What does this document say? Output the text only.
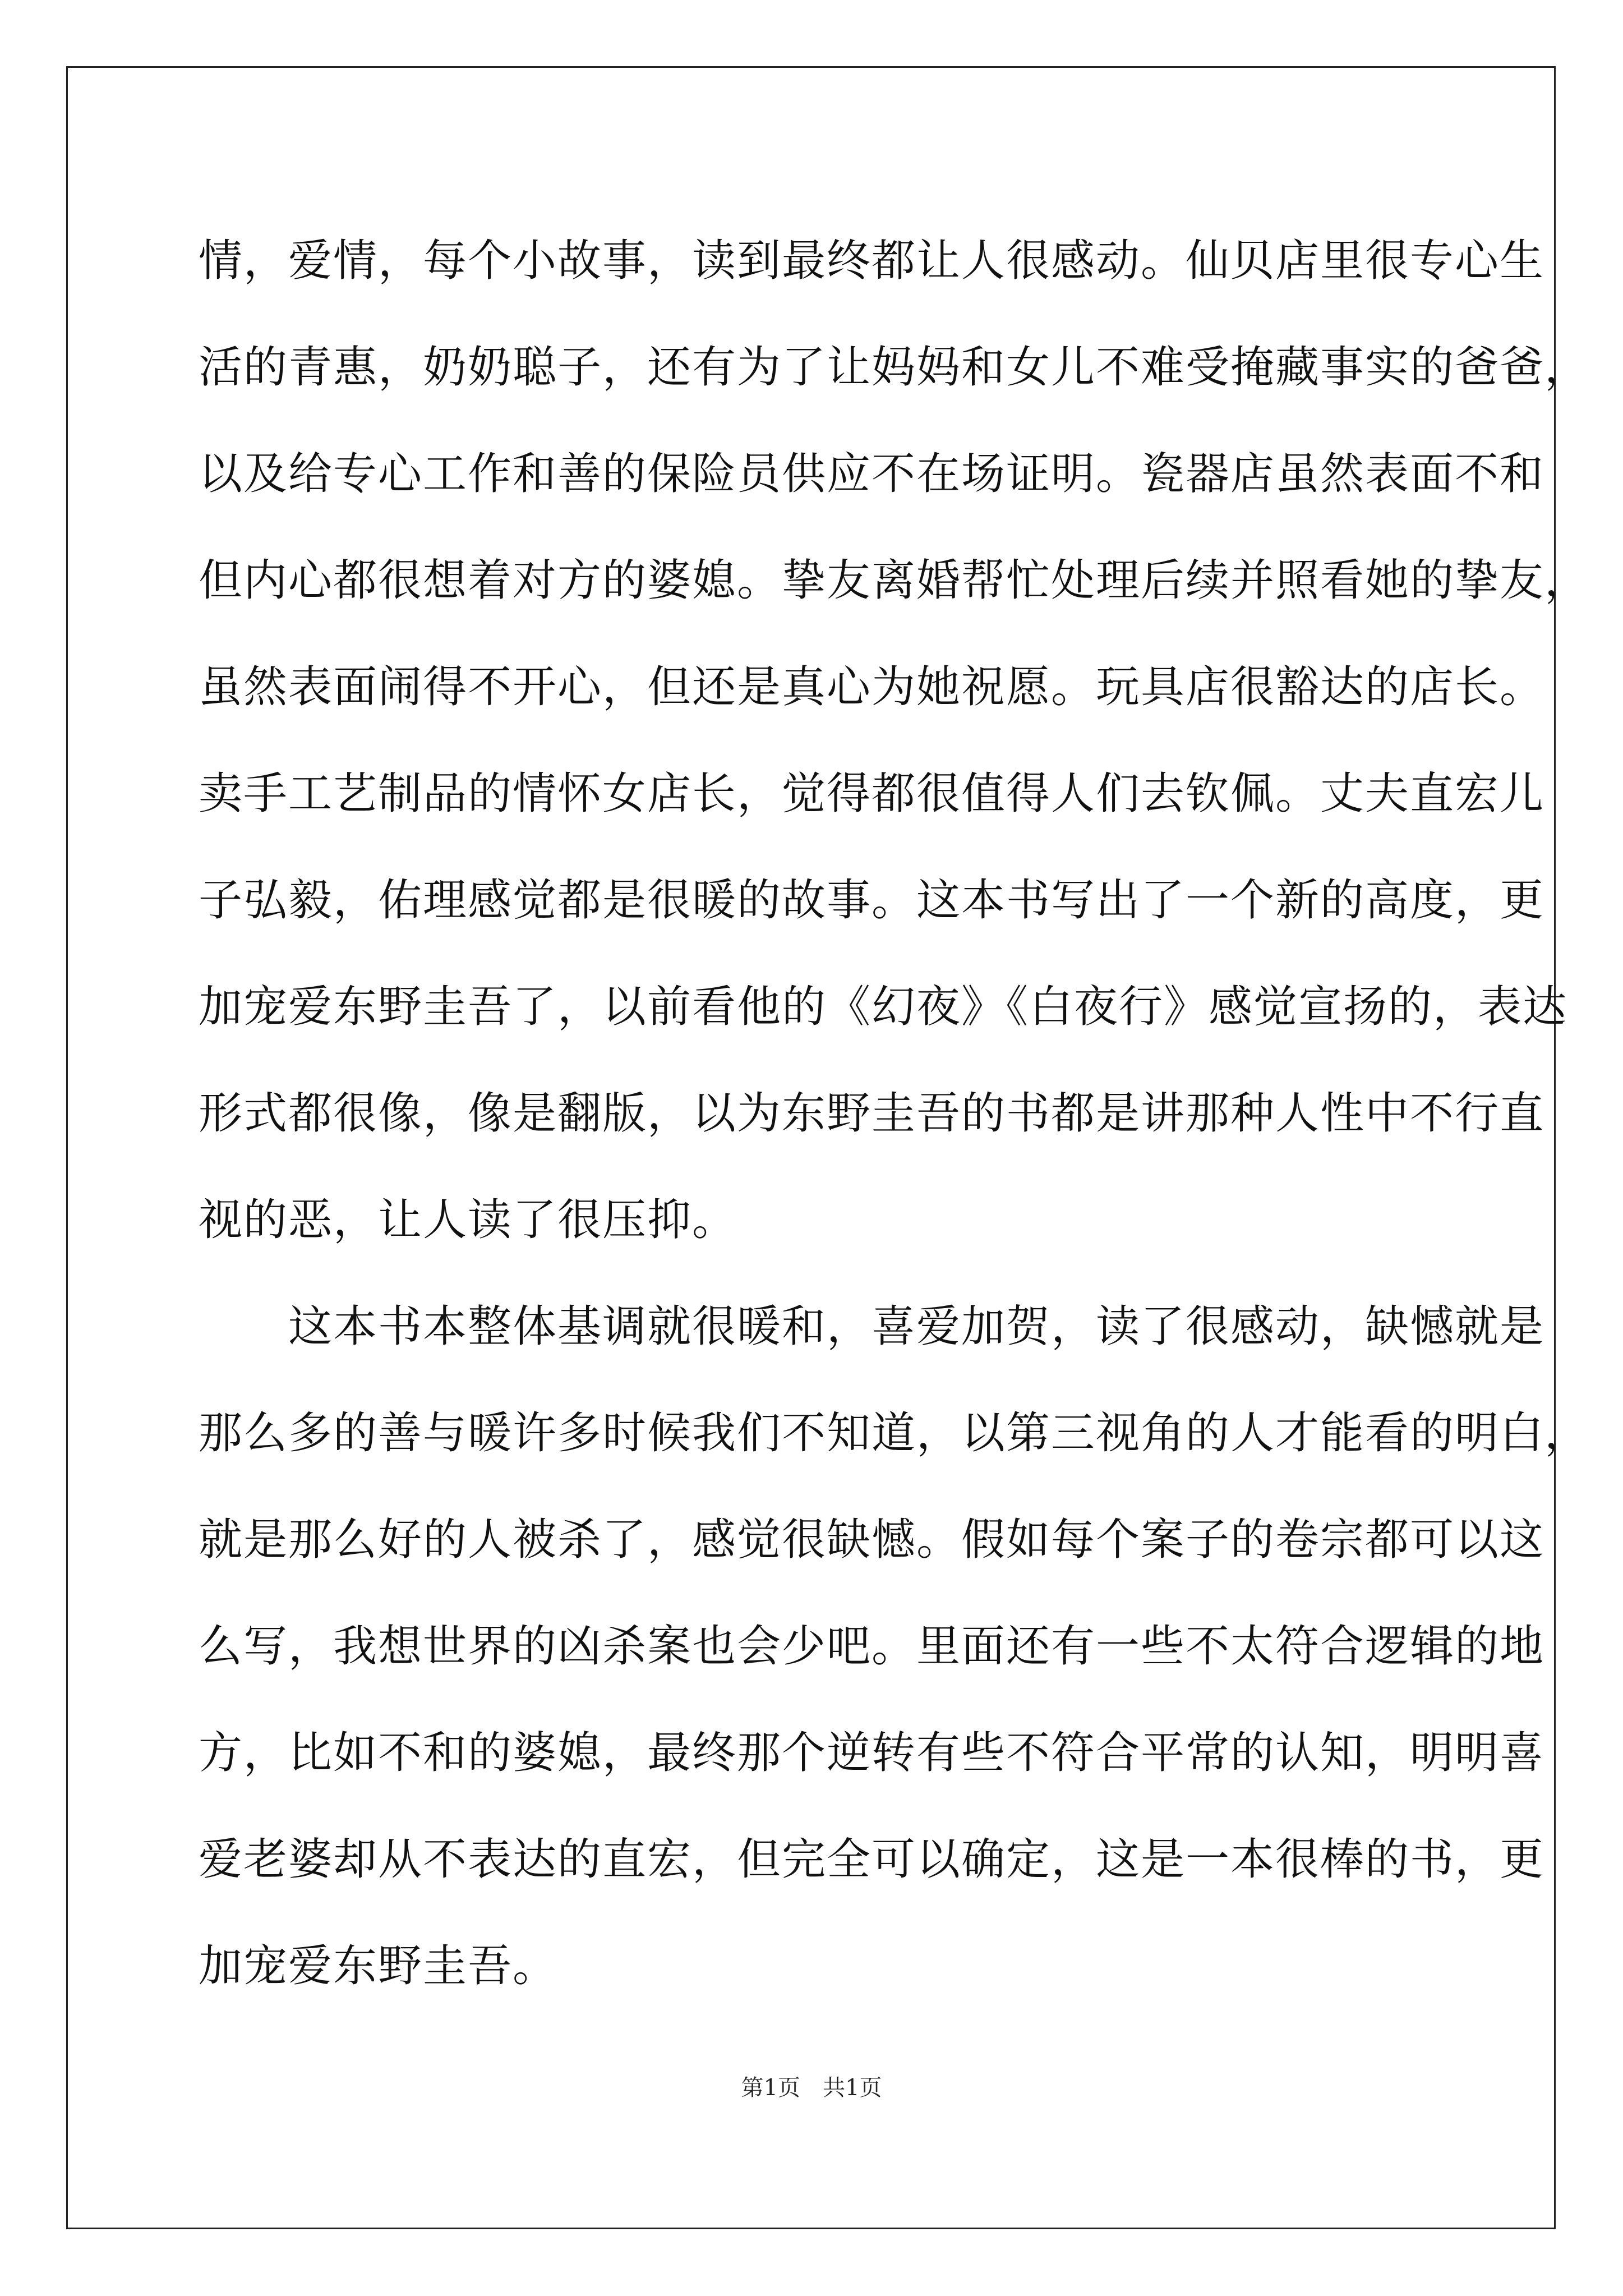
情，爱情，每个小故事，读到最终都让人很感动。仙贝店里很专心生
活的青惠，奶奶聪子，还有为了让妈妈和女儿不难受掩藏事实的爸爸，
以及给专心工作和善的保险员供应不在场证明。瓷器店虽然表面不和
但内心都很想着对方的婆媳。挚友离婚帮忙处理后续并照看她的挚友，
虽然表面闹得不开心，但还是真心为她祝愿。玩具店很豁达的店长。
卖手工艺制品的情怀女店长，觉得都很值得人们去钦佩。丈夫直宏儿
子弘毅，佑理感觉都是很暖的故事。这本书写出了一个新的高度，更
加宠爱东野圭吾了，以前看他的《幻夜》《白夜行》感觉宣扬的，表达
形式都很像，像是翻版，以为东野圭吾的书都是讲那种人性中不行直
视的恶，让人读了很压抑。
　　这本书本整体基调就很暖和，喜爱加贺，读了很感动，缺憾就是
那么多的善与暖许多时候我们不知道，以第三视角的人才能看的明白，
就是那么好的人被杀了，感觉很缺憾。假如每个案子的卷宗都可以这
么写，我想世界的凶杀案也会少吧。里面还有一些不太符合逻辑的地
方，比如不和的婆媳，最终那个逆转有些不符合平常的认知，明明喜
爱老婆却从不表达的直宏，但完全可以确定，这是一本很棒的书，更
加宠爱东野圭吾。
第1页　共1页
